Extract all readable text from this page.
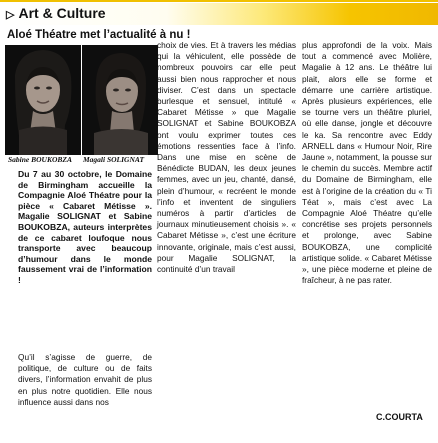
▷ Art & Culture
Aloé Théatre met l’actualité à nu !
Sabine BOUKOBZA Magali SOLIGNAT

Du 7 au 30 octobre, le Domaine de Birmingham accueille la Compagnie Aloé Théatre pour la pièce « Cabaret Métisse ». Magalie SOLIGNAT et Sabine BOUKOBZA, auteurs interprètes de ce cabaret loufoque nous transporte avec beaucoup d’humour dans le monde faussement vrai de l’information !

Qu’il s’agisse de guerre, de politique, de culture ou de faits divers, l’information envahit de plus en plus notre quotidien. Elle nous influence aussi dans nos

choix de vies. Et à travers les médias qui la véhiculent, elle possède de nombreux pouvoirs car elle peut aussi bien nous rapprocher et nous diviser. C’est dans un spectacle burlesque et sensuel, intitulé « Cabaret Métisse » que Magalie SOLIGNAT et Sabine BOUKOBZA ont voulu exprimer toutes ces émotions ressenties face à l’info. Dans une mise en scène de Bénédicte BUDAN, les deux jeunes femmes, avec un jeu, chanté, dansé, plein d’humour, « recréent le monde l’info et inventent de singuliers numéros à partir d’articles de journaux minutieusement choisis ». « Cabaret Métisse », c’est une écriture innovante, originale, mais c’est aussi, pour Magalie SOLIGNAT, la continuité d’un travail

plus approfondi de la voix. Mais tout a commencé avec Molière, Magalie à 12 ans. Le théâtre lui plait, alors elle se forme et démarre une carrière artistique. Après plusieurs expériences, elle se tourne vers un théâtre pluriel, où elle danse, jongle et découvre le ka. Sa rencontre avec Eddy ARNELL dans « Humour Noir, Rire Jaune », notamment, la pousse sur le chemin du succès. Membre actif du Domaine de Birmingham, elle est à l’origine de la création du « Ti Téat », mais c’est avec La Compagnie Aloé Théatre qu’elle concrétise ses projets personnels et prolonge, avec Sabine BOUKOBZA, une complicité artistique solide. « Cabaret Métisse », une pièce moderne et pleine de fraîcheur, à ne pas rater.

C.COURTA
